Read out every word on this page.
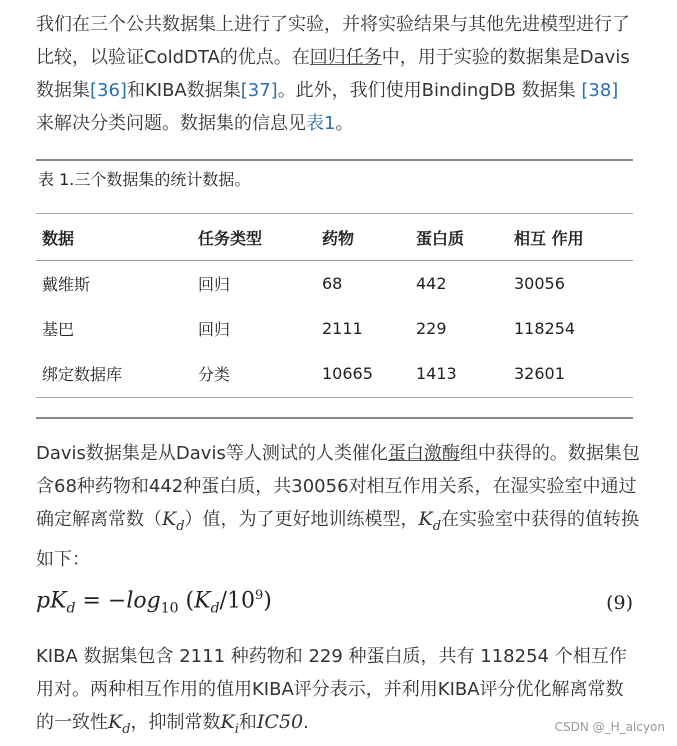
我们在三个公共数据集上进行了实验，并将实验结果与其他先进模型进行了比较，以验证ColdDTA的优点。在回归任务中，用于实验的数据集是Davis数据集[36]和KIBA数据集[37]。此外，我们使用BindingDB 数据集 [38] 来解决分类问题。数据集的信息见表1。
表 1.三个数据集的统计数据。
数据	任务类型	药物	蛋白质	相互 作用
戴维斯	回归	68	442	30056
基巴	回归	2111	229	118254
绑定数据库	分类	10665	1413	32601
Davis数据集是从Davis等人测试的人类催化蛋白激酶组中获得的。数据集包含68种药物和442种蛋白质，共30056对相互作用关系，在湿实验室中通过确定解离常数$(K_d)$值，为了更好地训练模型，$K_d$在实验室中获得的值转换如下：
$pK_d = -\log_{10}$ $(K_d/10^9)$	(9)
KIBA 数据集包含 2111 种药物和 229 种蛋白质，共有 118254 个相互作用对。两种相互作用的值用KIBA评分表示，并利用KIBA评分优化解离常数的一致性$K_d$，抑制常数$K_i$和IC50.	CSDN @_H_alcyon
